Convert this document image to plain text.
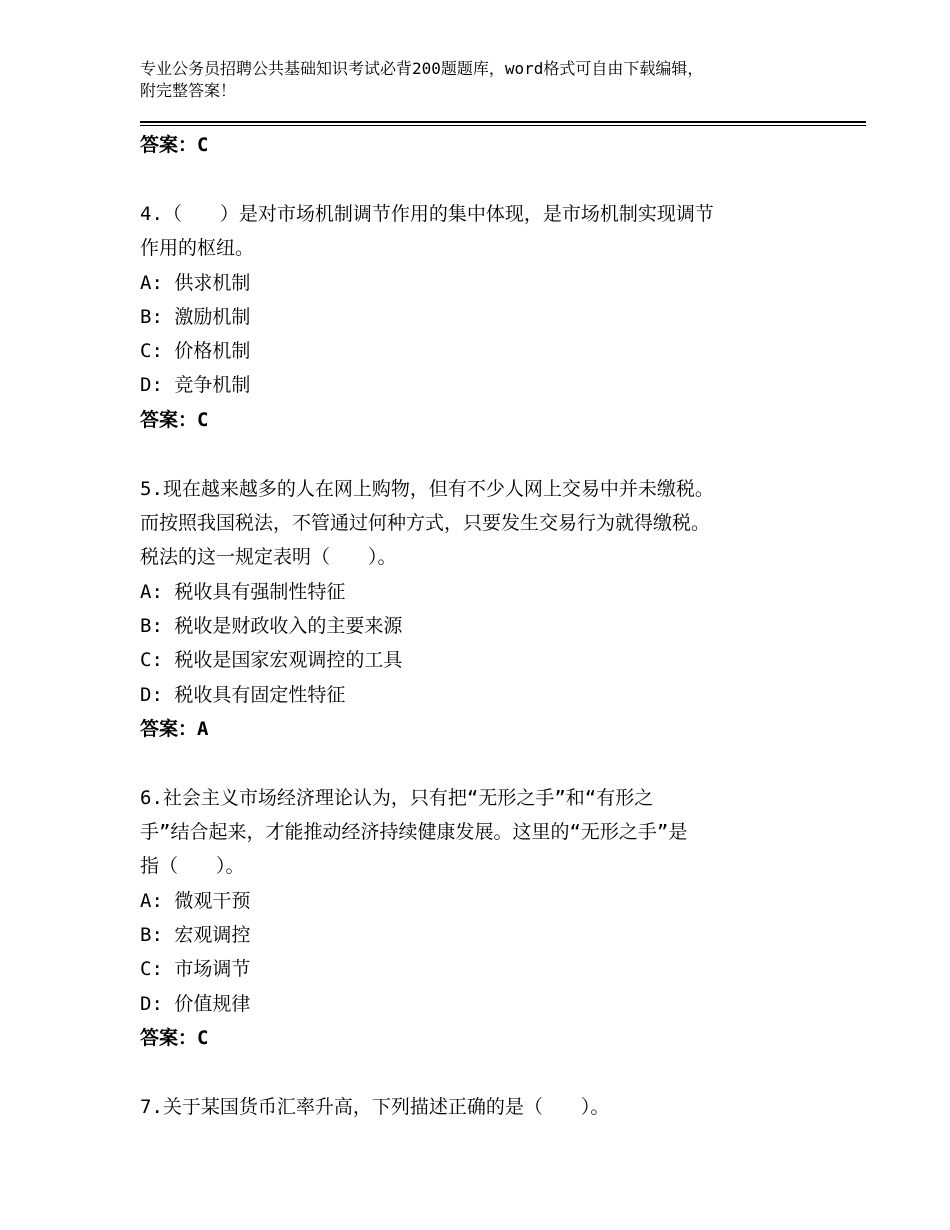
专业公务员招聘公共基础知识考试必背200题题库，word格式可自由下载编辑，
附完整答案！
答案：C
4.（　　）是对市场机制调节作用的集中体现，是市场机制实现调节
作用的枢纽。
A: 供求机制
B: 激励机制
C: 价格机制
D: 竞争机制
答案：C
5.现在越来越多的人在网上购物，但有不少人网上交易中并未缴税。
而按照我国税法，不管通过何种方式，只要发生交易行为就得缴税。
税法的这一规定表明（　　）。
A: 税收具有强制性特征
B: 税收是财政收入的主要来源
C: 税收是国家宏观调控的工具
D: 税收具有固定性特征
答案：A
6.社会主义市场经济理论认为，只有把“无形之手”和“有形之
手”结合起来，才能推动经济持续健康发展。这里的“无形之手”是
指（　　）。
A: 微观干预
B: 宏观调控
C: 市场调节
D: 价值规律
答案：C
7.关于某国货币汇率升高，下列描述正确的是（　　）。
